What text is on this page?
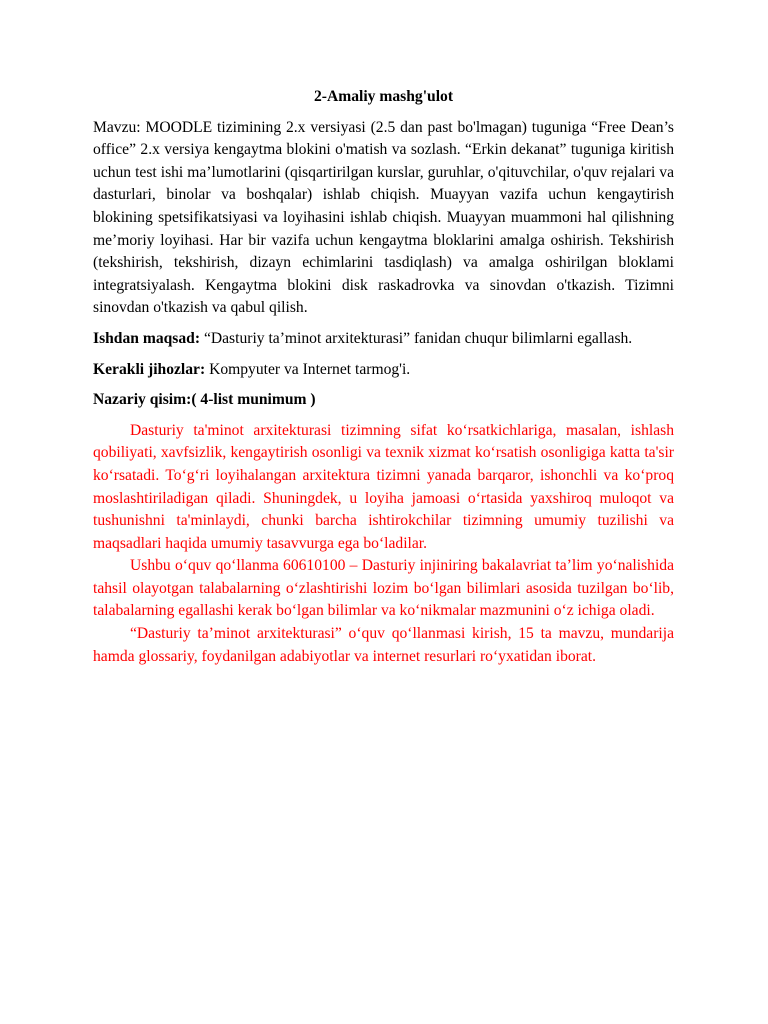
2-Amaliy mashg'ulot

Mavzu: MOODLE tizimining 2.x versiyasi (2.5 dan past bo'lmagan) tuguniga “Free Dean’s office” 2.x versiya kengaytma blokini o'matish va sozlash. “Erkin dekanat” tuguniga kiritish uchun test ishi ma’lumotlarini (qisqartirilgan kurslar, guruhlar, o'qituvchilar, o'quv rejalari va dasturlari, binolar va boshqalar) ishlab chiqish. Muayyan vazifa uchun kengaytirish blokining spetsifikatsiyasi va loyihasini ishlab chiqish. Muayyan muammoni hal qilishning me’moriy loyihasi. Har bir vazifa uchun kengaytma bloklarini amalga oshirish. Tekshirish (tekshirish, tekshirish, dizayn echimlarini tasdiqlash) va amalga oshirilgan bloklami integratsiyalash. Kengaytma blokini disk raskadrovka va sinovdan o'tkazish. Tizimni sinovdan o'tkazish va qabul qilish.

Ishdan maqsad: “Dasturiy ta’minot arxitekturasi” fanidan chuqur bilimlarni egallash.

Kerakli jihozlar: Kompyuter va Internet tarmog'i.

Nazariy qisim:( 4-list munimum )

Dasturiy ta'minot arxitekturasi tizimning sifat ko‘rsatkichlariga, masalan, ishlash qobiliyati, xavfsizlik, kengaytirish osonligi va texnik xizmat ko‘rsatish osonligiga katta ta'sir ko‘rsatadi. To‘g‘ri loyihalangan arxitektura tizimni yanada barqaror, ishonchli va ko‘proq moslashtiriladigan qiladi. Shuningdek, u loyiha jamoasi o‘rtasida yaxshiroq muloqot va tushunishni ta'minlaydi, chunki barcha ishtirokchilar tizimning umumiy tuzilishi va maqsadlari haqida umumiy tasavvurga ega bo‘ladilar.

Ushbu o‘quv qo‘llanma 60610100 – Dasturiy injiniring bakalavriat ta’lim yo‘nalishida tahsil olayotgan talabalarning o‘zlashtirishi lozim bo‘lgan bilimlari asosida tuzilgan bo‘lib, talabalarning egallashi kerak bo‘lgan bilimlar va ko‘nikmalar mazmunini o‘z ichiga oladi.

“Dasturiy ta’minot arxitekturasi” o‘quv qo‘llanmasi kirish, 15 ta mavzu, mundarija hamda glossariy, foydanilgan adabiyotlar va internet resurlari ro‘yxatidan iborat.
